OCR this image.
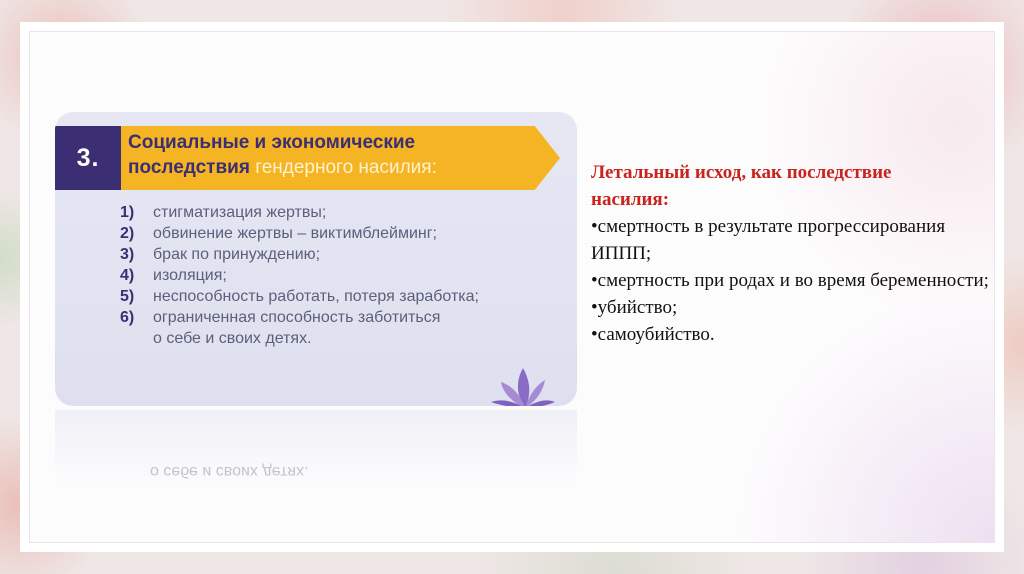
3.
Социальные и экономические
последствия гендерного насилия:
1)	стигматизация жертвы;
2)	обвинение жертвы – виктимблейминг;
3)	брак по принуждению;
4)	изоляция;
5)	неспособность работать, потеря заработка;
6)	ограниченная способность заботиться
о себе и своих детях.
о себе и своих детях.

Летальный исход, как последствие насилия:

•смертность в результате прогрессирования ИППП;
•смертность при родах и во время беременности;
•убийство;
•самоубийство.
